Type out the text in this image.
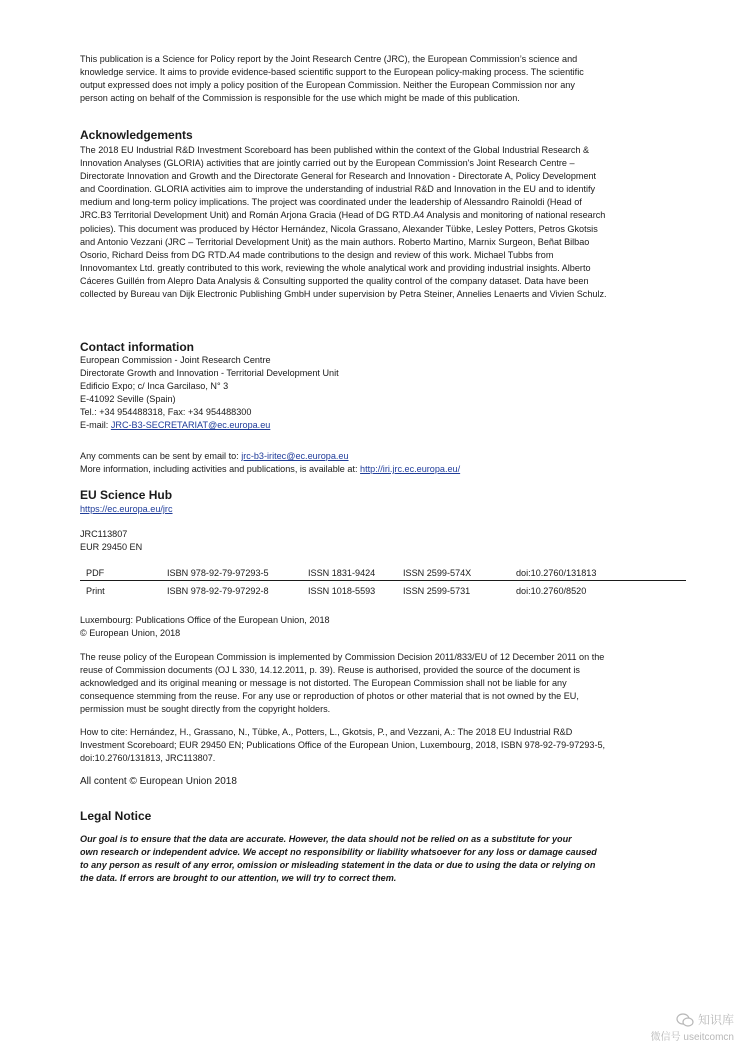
This publication is a Science for Policy report by the Joint Research Centre (JRC), the European Commission’s science and
knowledge service. It aims to provide evidence-based scientific support to the European policy-making process. The scientific
output expressed does not imply a policy position of the European Commission. Neither the European Commission nor any
person acting on behalf of the Commission is responsible for the use which might be made of this publication.
Acknowledgements
The 2018 EU Industrial R&D Investment Scoreboard has been published within the context of the Global Industrial Research &
Innovation Analyses (GLORIA) activities that are jointly carried out by the European Commission's Joint Research Centre –
Directorate Innovation and Growth and the Directorate General for Research and Innovation - Directorate A, Policy Development
and Coordination. GLORIA activities aim to improve the understanding of industrial R&D and Innovation in the EU and to identify
medium and long-term policy implications. The project was coordinated under the leadership of Alessandro Rainoldi (Head of
JRC.B3 Territorial Development Unit) and Román Arjona Gracia (Head of DG RTD.A4 Analysis and monitoring of national research
policies). This document was produced by Héctor Hernández, Nicola Grassano, Alexander Tübke, Lesley Potters, Petros Gkotsis
and Antonio Vezzani (JRC – Territorial Development Unit) as the main authors. Roberto Martino, Marnix Surgeon, Beñat Bilbao
Osorio, Richard Deiss from DG RTD.A4 made contributions to the design and review of this work. Michael Tubbs from
Innovomantex Ltd. greatly contributed to this work, reviewing the whole analytical work and providing industrial insights. Alberto
Cáceres Guillén from Alepro Data Analysis & Consulting supported the quality control of the company dataset. Data have been
collected by Bureau van Dijk Electronic Publishing GmbH under supervision by Petra Steiner, Annelies Lenaerts and Vivien Schulz.
Contact information
European Commission - Joint Research Centre
Directorate Growth and Innovation - Territorial Development Unit
Edificio Expo; c/ Inca Garcilaso, N° 3
E-41092 Seville (Spain)
Tel.: +34 954488318, Fax: +34 954488300
E-mail: JRC-B3-SECRETARIAT@ec.europa.eu
Any comments can be sent by email to: jrc-b3-iritec@ec.europa.eu
More information, including activities and publications, is available at: http://iri.jrc.ec.europa.eu/
EU Science Hub
https://ec.europa.eu/jrc
JRC113807
EUR 29450 EN
PDF	ISBN 978-92-79-97293-5	ISSN 1831-9424	ISSN 2599-574X	doi:10.2760/131813
Print	ISBN 978-92-79-97292-8	ISSN 1018-5593	ISSN 2599-5731	doi:10.2760/8520
Luxembourg: Publications Office of the European Union, 2018
© European Union, 2018
The reuse policy of the European Commission is implemented by Commission Decision 2011/833/EU of 12 December 2011 on the
reuse of Commission documents (OJ L 330, 14.12.2011, p. 39). Reuse is authorised, provided the source of the document is
acknowledged and its original meaning or message is not distorted. The European Commission shall not be liable for any
consequence stemming from the reuse. For any use or reproduction of photos or other material that is not owned by the EU,
permission must be sought directly from the copyright holders.
How to cite: Hernández, H., Grassano, N., Tübke, A., Potters, L., Gkotsis, P., and Vezzani, A.: The 2018 EU Industrial R&D
Investment Scoreboard; EUR 29450 EN; Publications Office of the European Union, Luxembourg, 2018, ISBN 978-92-79-97293-5,
doi:10.2760/131813, JRC113807.
All content © European Union 2018
Legal Notice
Our goal is to ensure that the data are accurate. However, the data should not be relied on as a substitute for your
own research or independent advice. We accept no responsibility or liability whatsoever for any loss or damage caused
to any person as result of any error, omission or misleading statement in the data or due to using the data or relying on
the data. If errors are brought to our attention, we will try to correct them.
知识库
微信号 useitcomcn
